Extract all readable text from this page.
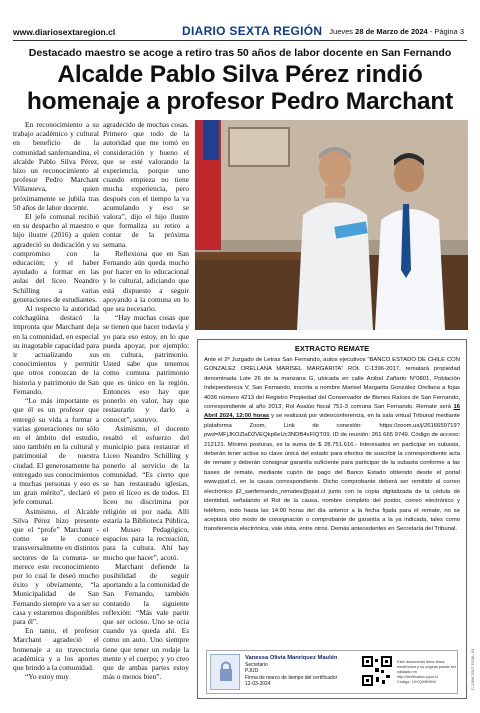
www.diariosextaregion.cl	DIARIO SEXTA REGIÓN Jueves 28 de Marzo de 2024 - Página 3
Destacado maestro se acoge a retiro tras 50 años de labor docente en San Fernando
Alcalde Pablo Silva Pérez rindió
homenaje a profesor Pedro Marchant

En reconocimiento a su trabajo académico y cultural en beneficio de la comunidad sanfernandina, el alcalde Pablo Silva Pérez, hizo un reconocimiento al profesor Pedro Marchant Villanueva, quien próximamente se jubila tras 50 años de labor docente.

El jefe comunal recibió en su despacho al maestro e hijo ilustre (2016) a quien agradeció su dedicación y su compromiso con la educación; y el haber ayudado a formar en las aulas del liceo Neandro Schilling a varias generaciones de estudiantes.

Al respecto la autoridad colchagüina destacó la impronta que Marchant deja en la comunidad, en especial su inagotable capacidad para ir actualizando sus conocimientos y permitir que otros conozcan de la historia y patrimonio de San Fernando.

“Lo más importante es que él es un profesor que entregó su vida a formar a varias generaciones no sólo en el ámbito del estudio, sino también en la cultural y patrimonial de nuestra ciudad. El generosamente ha entregado sus conocimientos a muchas personas y eso es un gran mérito”, declaró el jefe comunal.

Asimismo, el Alcalde Silva Pérez hizo presente que el “profe” Marchant -como se le conoce transversalmente en distintos sectores de la comuna- se merece este reconocimiento por lo cual le deseó mucho éxito y obviamente, “la Municipalidad de San Fernando siempre va a ser su casa y estaremos disponibles para él”.

En tanto, el profesor Marchant agradeció el homenaje a su trayectoria académica y a los aportes que brindó a la comunidad.

“Yo estoy muy

agradecido de muchas cosas. Primero que todo de la autoridad que me tomó en consideración y bueno el que se esté valorando la experiencia, porque uno cuando empieza no tiene mucha experiencia, pero después con el tiempo la va acumulando y eso se valora”, dijo el hijo ilustre que formaliza su retiro a contar de la próxima semana.

Reflexiona que en San Fernando aún queda mucho por hacer en lo educacional y lo cultural, adiciando que está dispuesto a seguir apoyando a la comuna en lo que sea necesario.

“Hay muchas cosas que se tienen que hacer todavía y yo para eso estoy, en lo que pueda apoyar, por ejemplo: en cultura, patrimonio. Usted sabe que tenemos como comuna patrimonio que es único en la región. Entonces eso hay que ponerlo en valor, hay que restaurarlo y darlo a conocer”, sostuvo.

Asimismo, el docente resaltó el esfuerzo del municipio para restaurar el Liceo Neandro Schilling y ponerlo al servicio de la comunidad. “Es cierto que se han restaurado iglesias, pero el liceo es de todos. El liceo no discrimina por religión ni por nada. Allí estaría la Biblioteca Pública, el Museo Pedagógico, espacios para la recreación, para la cultura. Ahí hay mucho que hacer”, acotó.

Marchant defiende la posibilidad de seguir aportando a la comunidad de San Fernando, también contando la siguiente reflexión: “Más vale partir que ser ocioso. Uno se ocia cuando ya queda ahí. Es como un auto. Uno siempre tiene que tener un rodaje la mente y el cuerpo; y yo creo que de ambas partes estoy más o menos bien”.

EXTRACTO REMATE
Ante el 2º Juzgado de Letras San Fernando, autos ejecutivos “BANCO ESTADO DE CHILE CON GONZALEZ ORELLANA MARISEL MARGARITA” ROL C-1396-2017, rematará propiedad denominada Lote 26 de la manzana G, ubicada en calle Anibal Zañarto N°0801, Población Independencia V, San Fernando, inscrita a nombre Marisel Margarita González Orellana a fojas 4036 número 4213 del Registro Propiedad del Conservador de Bienes Raíces de San Fernando, correspondiente al año 2013, Rol Avalúo fiscal 751-3 comuna San Fernando. Remate será 16 Abril 2024, 12:00 horas y se realizará por videoconferencia, en la sala virtual Tribunal mediante plataforma Zoom, Link de conexión: https://zoom.us/j/2616659719?pwd=MFjJKOZlaD2VEQkp6eUc3NDB4xFIQT09. ID de reunión: 261 665 9749. Código de acceso: 212121. Mínimo posturas, es la suma de $ 28.751.616.- Interesados en participar en subasta, deberán tener activa su clave única del estado para efectos de suscribir la correspondiente acta de remate y deberán consignar garantía suficiente para participar de la subasta conforme a las bases de remate, mediante cupón de pago del Banco Estado obtenido desde el portal www.pjud.cl, en la causa correspondiente. Dicho comprobante deberá ser remitido al correo electrónico jl2_sanfernando_remates@pjud.cl junto con la copia digitalizada de la cédula de identidad, señalando el Rol de la causa, nombre completo del postor, correo electrónico y teléfono, todo hasta las 14:00 horas del día anterior a la fecha fijada para el remate, no se aceptará otro modo de consignación o comprobante de garantía a la ya indicada, tales como transferencia electrónica, vale vista, entre otros. Demás antecedentes en Secretaría del Tribunal.
Vanessa Olivia Manríquez Maulén
Secretario
PJUD
Firma de marco de tiempo del certificador
12-03-2024
Este documento tiene firma electrónica y su original puede ser validado en http://verificadoc.pjud.cl
Código: 1XXQXBHKM	C-1396-2017 FOJA: 93
